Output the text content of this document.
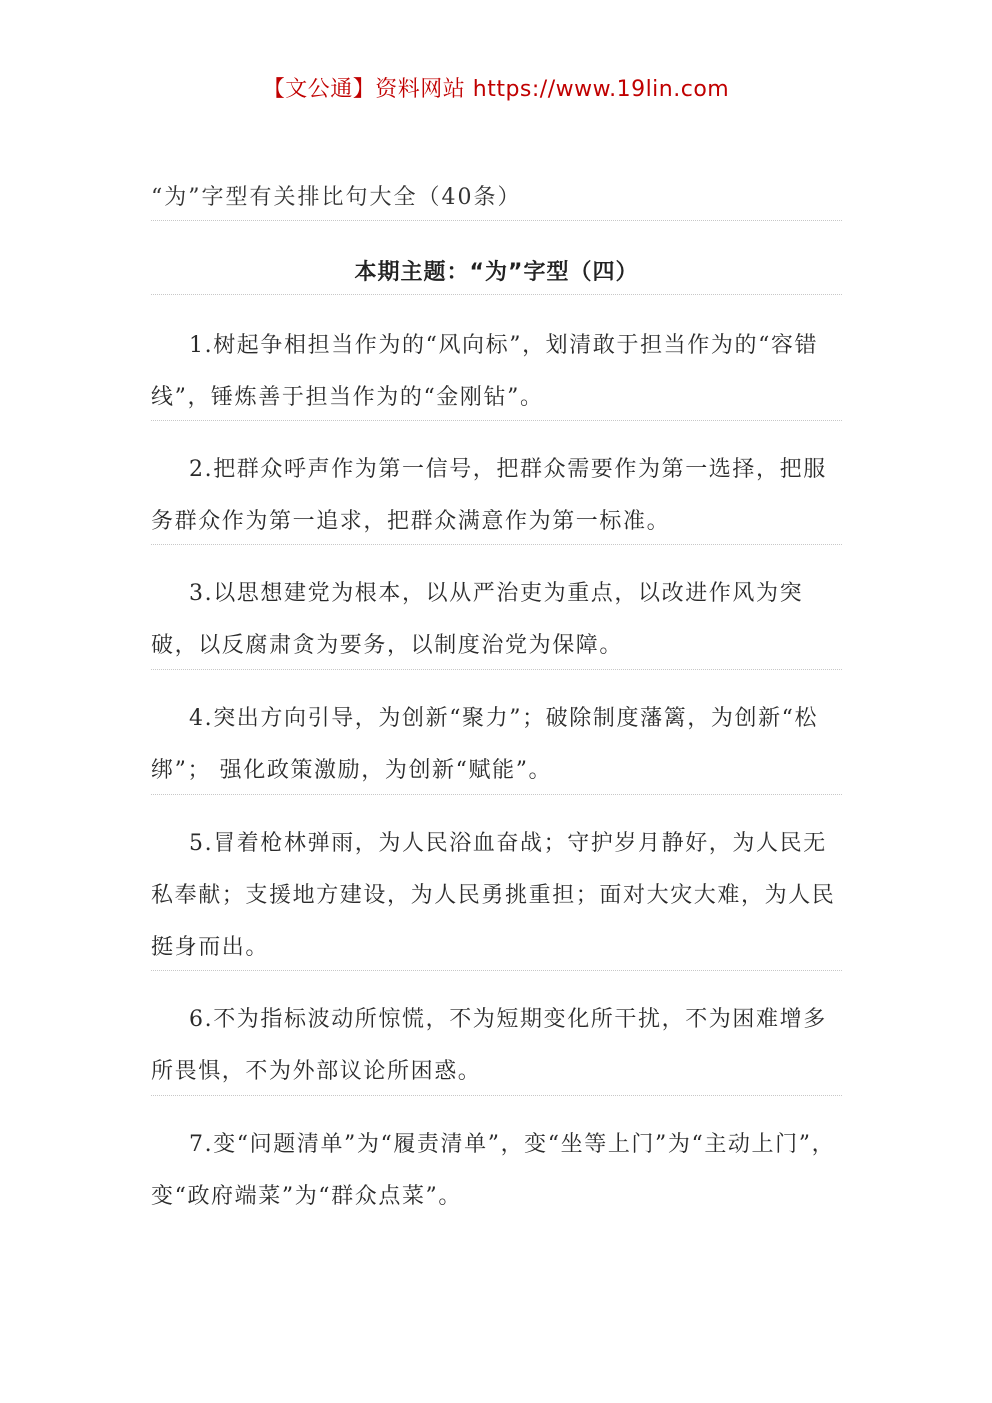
【文公通】资料网站 https://www.19lin.com
“为”字型有关排比句大全（40条）
本期主题：“为”字型（四）
1.树起争相担当作为的“风向标”，划清敢于担当作为的“容错线”，锤炼善于担当作为的“金刚钻”。
2.把群众呼声作为第一信号，把群众需要作为第一选择，把服务群众作为第一追求，把群众满意作为第一标准。
3.以思想建党为根本，以从严治吏为重点，以改进作风为突破，以反腐肃贪为要务，以制度治党为保障。
4.突出方向引导，为创新“聚力”；破除制度藩篱，为创新“松绑”； 强化政策激励，为创新“赋能”。
5.冒着枪林弹雨，为人民浴血奋战；守护岁月静好，为人民无私奉献；支援地方建设，为人民勇挑重担；面对大灾大难，为人民挺身而出。
6.不为指标波动所惊慌，不为短期变化所干扰，不为困难增多所畏惧，不为外部议论所困惑。
7.变“问题清单”为“履责清单”，变“坐等上门”为“主动上门”，变“政府端菜”为“群众点菜”。
